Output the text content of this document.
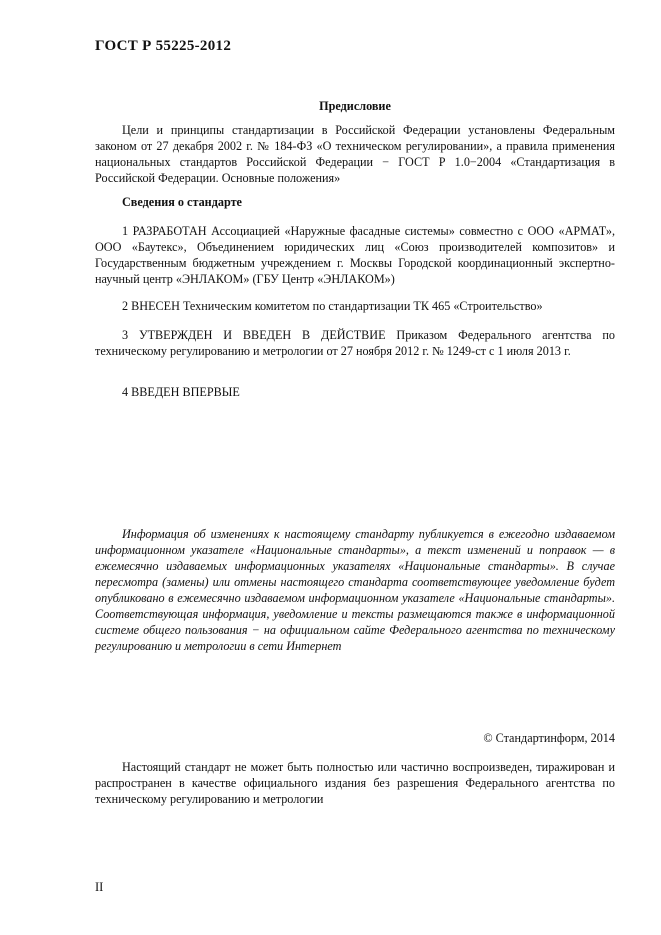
ГОСТ Р 55225-2012
Предисловие

Цели и принципы стандартизации в Российской Федерации установлены Федеральным законом от 27 декабря 2002 г. № 184-ФЗ «О техническом регулировании», а правила применения национальных стандартов Российской Федерации − ГОСТ Р 1.0−2004 «Стандартизация в Российской Федерации. Основные положения»

Сведения о стандарте

1 РАЗРАБОТАН Ассоциацией «Наружные фасадные системы» совместно с ООО «АРМАТ», ООО «Баутекс», Объединением юридических лиц «Союз производителей композитов» и Государственным бюджетным учреждением г. Москвы Городской координационный экспертно-научный центр «ЭНЛАКОМ» (ГБУ Центр «ЭНЛАКОМ»)

2 ВНЕСЕН Техническим комитетом по стандартизации ТК 465 «Строительство»

3 УТВЕРЖДЕН И ВВЕДЕН В ДЕЙСТВИЕ Приказом Федерального агентства по техническому регулированию и метрологии от 27 ноября 2012 г. № 1249-ст с 1 июля 2013 г.

4 ВВЕДЕН ВПЕРВЫЕ

Информация об изменениях к настоящему стандарту публикуется в ежегодно издаваемом информационном указателе «Национальные стандарты», а текст изменений и поправок — в ежемесячно издаваемых информационных указателях «Национальные стандарты». В случае пересмотра (замены) или отмены настоящего стандарта соответствующее уведомление будет опубликовано в ежемесячно издаваемом информационном указателе «Национальные стандарты». Соответствующая информация, уведомление и тексты размещаются также в информационной системе общего пользования − на официальном сайте Федерального агентства по техническому регулированию и метрологии в сети Интернет

© Стандартинформ, 2014

Настоящий стандарт не может быть полностью или частично воспроизведен, тиражирован и распространен в качестве официального издания без разрешения Федерального агентства по техническому регулированию и метрологии

II
